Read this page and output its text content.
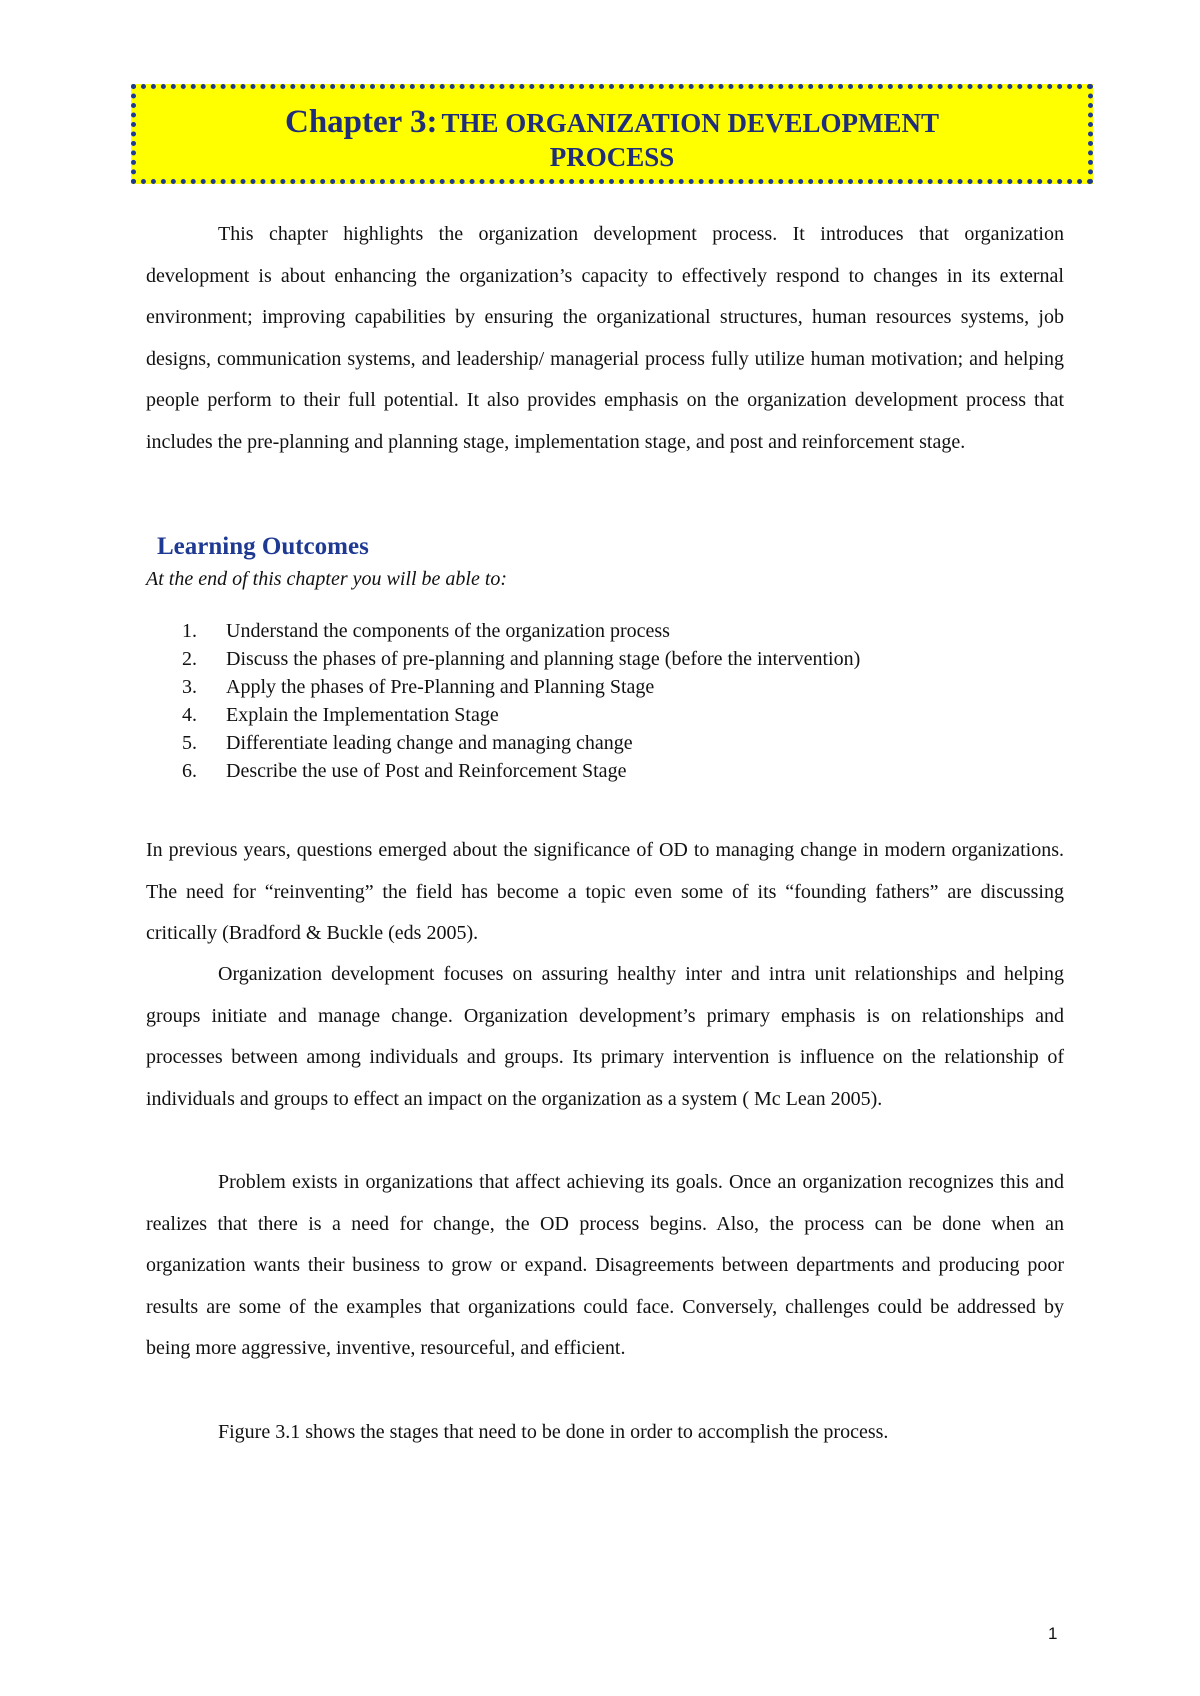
Chapter 3: THE ORGANIZATION DEVELOPMENT
PROCESS

This chapter highlights the organization development process. It introduces that organization development is about enhancing the organization’s capacity to effectively respond to changes in its external environment; improving capabilities by ensuring the organizational structures, human resources systems, job designs, communication systems, and leadership/ managerial process fully utilize human motivation; and helping people perform to their full potential. It also provides emphasis on the organization development process that includes the pre-planning and planning stage, implementation stage, and post and reinforcement stage.

Learning Outcomes

At the end of this chapter you will be able to:

1.	Understand the components of the organization process
2.	Discuss the phases of pre-planning and planning stage (before the intervention)
3.	Apply the phases of Pre-Planning and Planning Stage
4.	Explain the Implementation Stage
5.	Differentiate leading change and managing change
6.	Describe the use of Post and Reinforcement Stage

In previous years, questions emerged about the significance of OD to managing change in modern organizations. The need for “reinventing” the field has become a topic even some of its “founding fathers” are discussing critically (Bradford & Buckle (eds 2005).

Organization development focuses on assuring healthy inter and intra unit relationships and helping groups initiate and manage change. Organization development’s primary emphasis is on relationships and processes between among individuals and groups. Its primary intervention is influence on the relationship of individuals and groups to effect an impact on the organization as a system ( Mc Lean 2005).

Problem exists in organizations that affect achieving its goals. Once an organization recognizes this and realizes that there is a need for change, the OD process begins. Also, the process can be done when an organization wants their business to grow or expand. Disagreements between departments and producing poor results are some of the examples that organizations could face. Conversely, challenges could be addressed by being more aggressive, inventive, resourceful, and efficient.

Figure 3.1 shows the stages that need to be done in order to accomplish the process.

1
